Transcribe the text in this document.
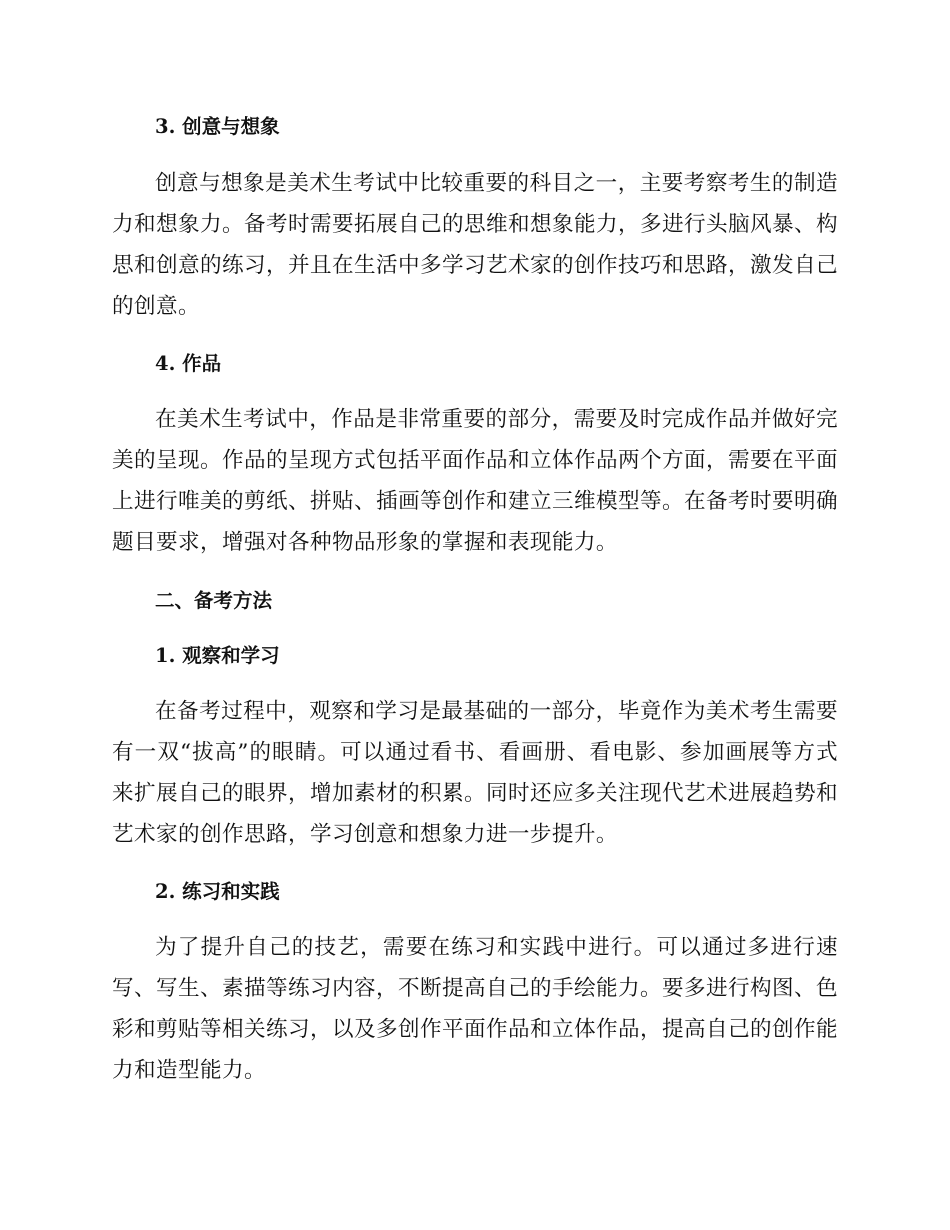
3. 创意与想象
创意与想象是美术生考试中比较重要的科目之一，主要考察考生的制造力和想象力。备考时需要拓展自己的思维和想象能力，多进行头脑风暴、构思和创意的练习，并且在生活中多学习艺术家的创作技巧和思路，激发自己的创意。
4. 作品
在美术生考试中，作品是非常重要的部分，需要及时完成作品并做好完美的呈现。作品的呈现方式包括平面作品和立体作品两个方面，需要在平面上进行唯美的剪纸、拼贴、插画等创作和建立三维模型等。在备考时要明确题目要求，增强对各种物品形象的掌握和表现能力。
二、备考方法
1. 观察和学习
在备考过程中，观察和学习是最基础的一部分，毕竟作为美术考生需要有一双“拔高”的眼睛。可以通过看书、看画册、看电影、参加画展等方式来扩展自己的眼界，增加素材的积累。同时还应多关注现代艺术进展趋势和艺术家的创作思路，学习创意和想象力进一步提升。
2. 练习和实践
为了提升自己的技艺，需要在练习和实践中进行。可以通过多进行速写、写生、素描等练习内容，不断提高自己的手绘能力。要多进行构图、色彩和剪贴等相关练习，以及多创作平面作品和立体作品，提高自己的创作能力和造型能力。
